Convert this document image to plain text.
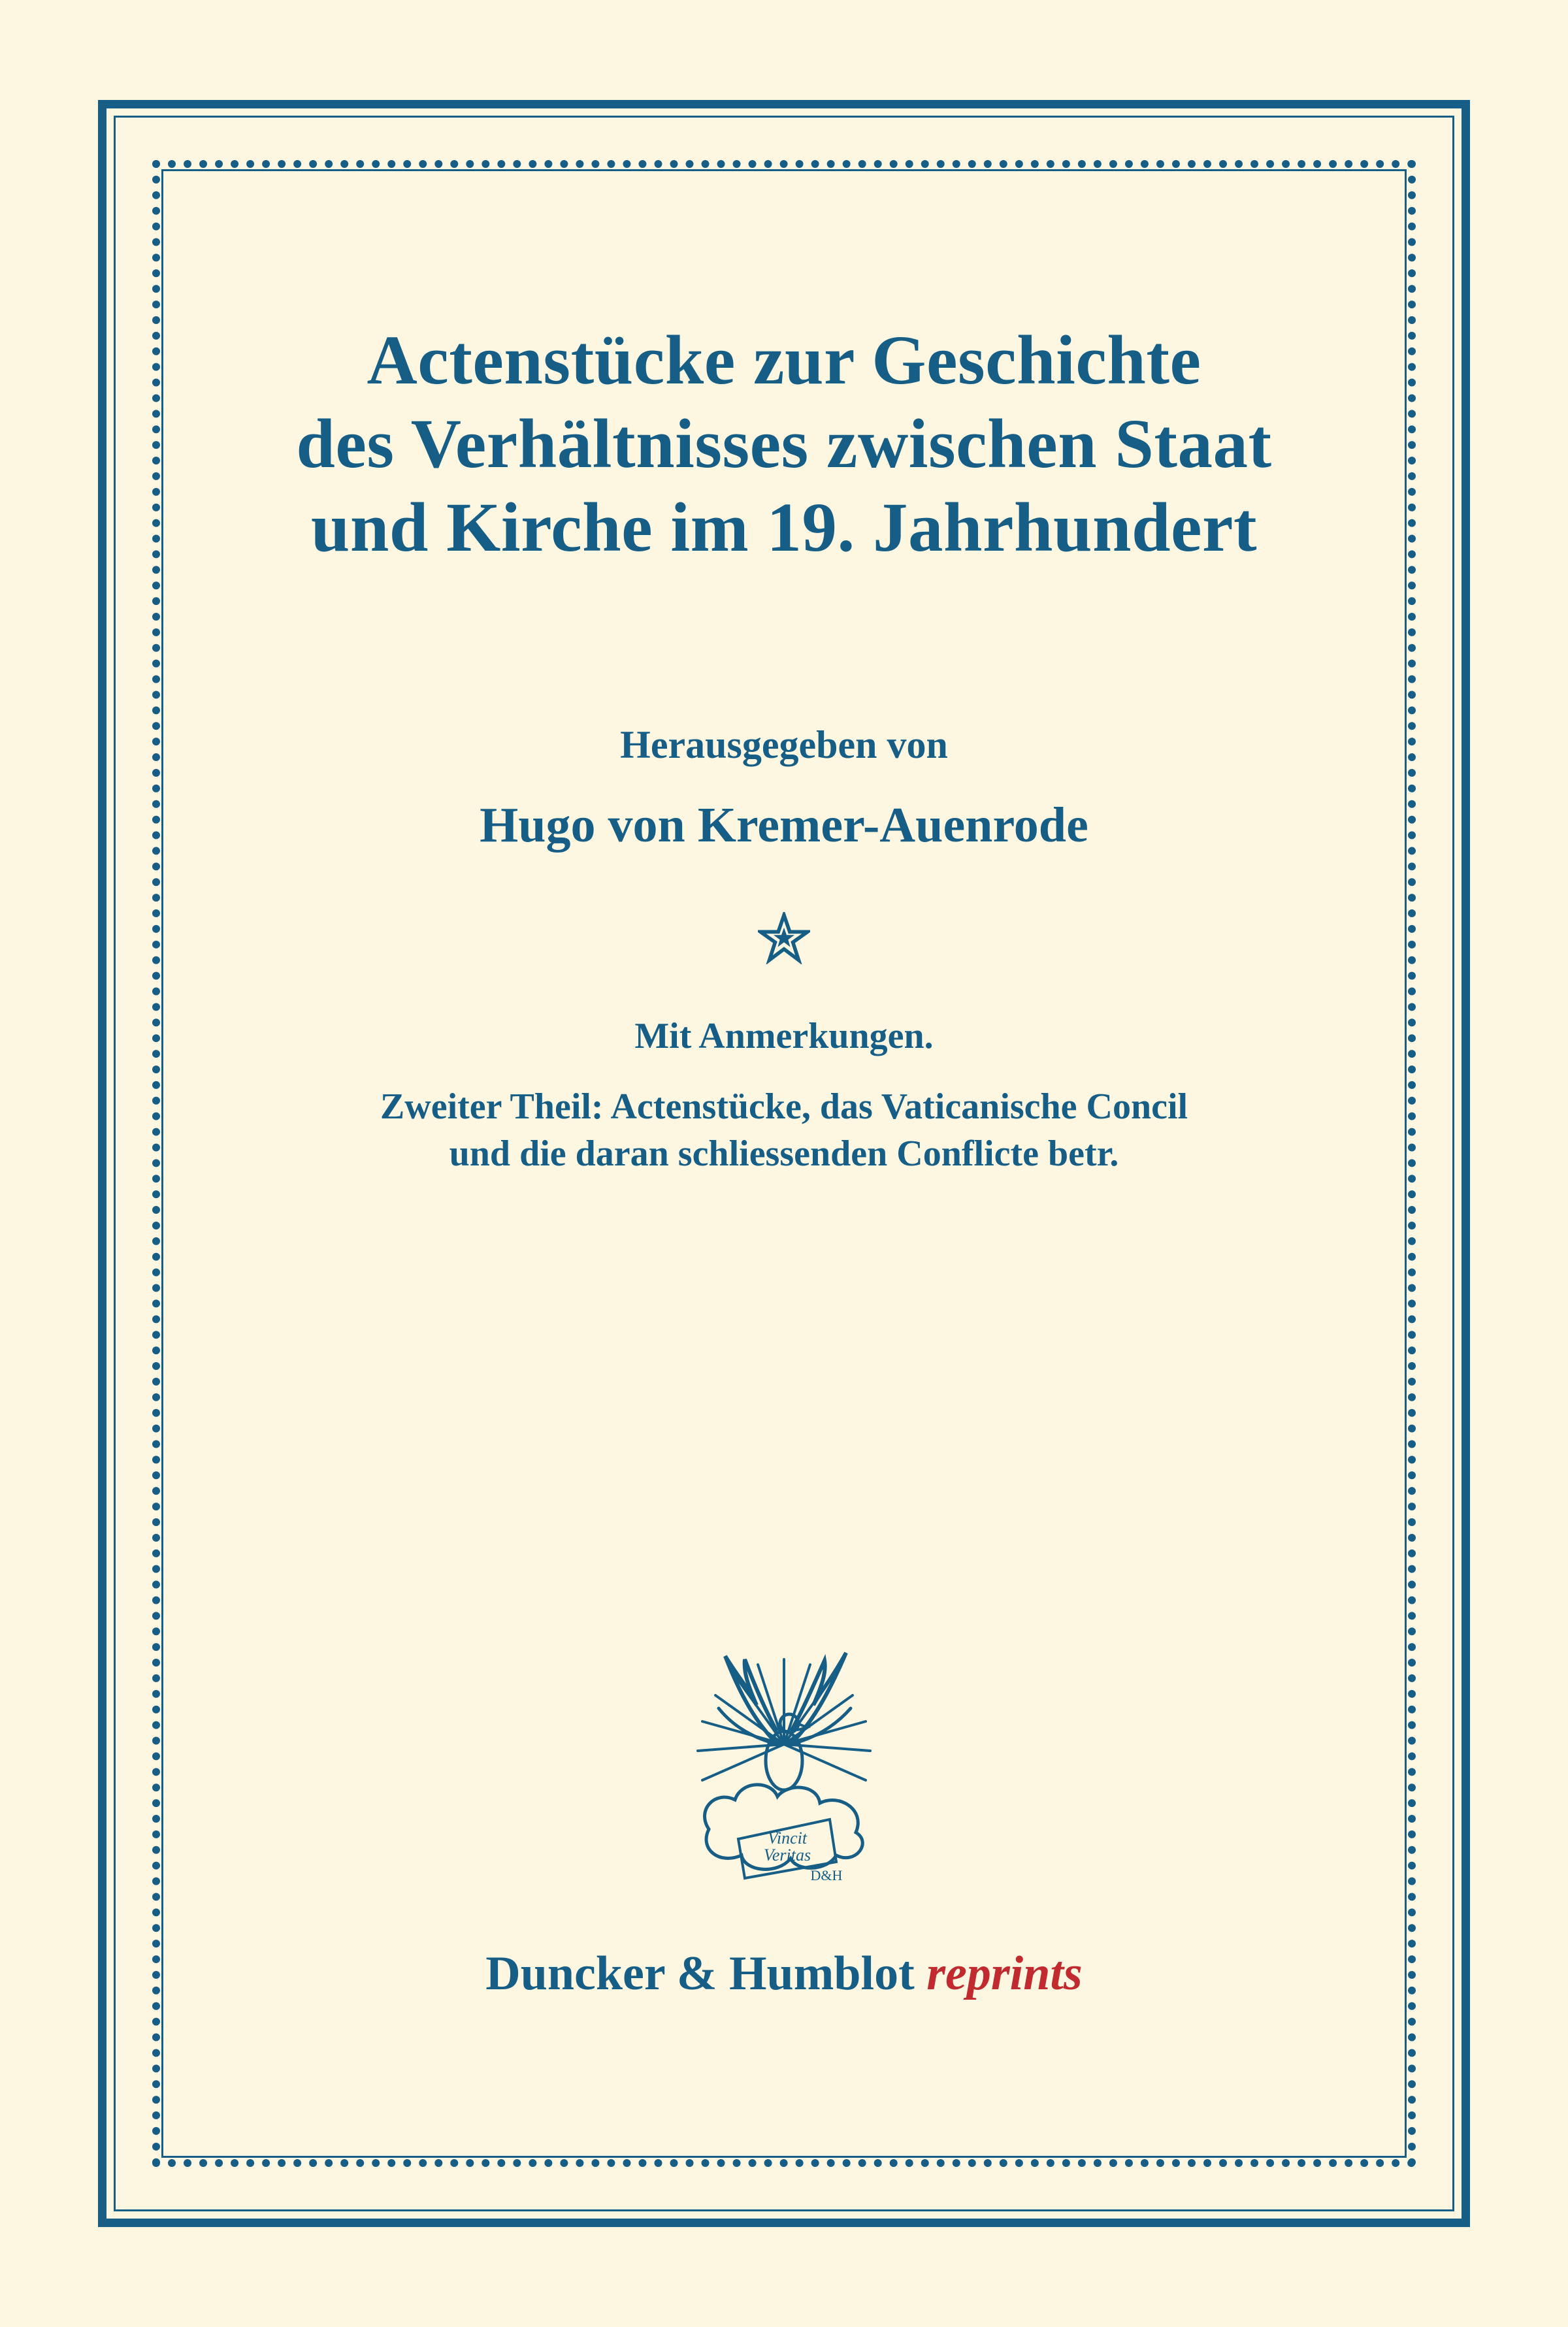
Actenstücke zur Geschichte
des Verhältnisses zwischen Staat
und Kirche im 19. Jahrhundert
Herausgegeben von
Hugo von Kremer-Auenrode
Mit Anmerkungen.
Zweiter Theil: Actenstücke, das Vaticanische Concil
und die daran schliessenden Conflicte betr.
Vincit
Veritas
D&H
Duncker & Humblot reprints
